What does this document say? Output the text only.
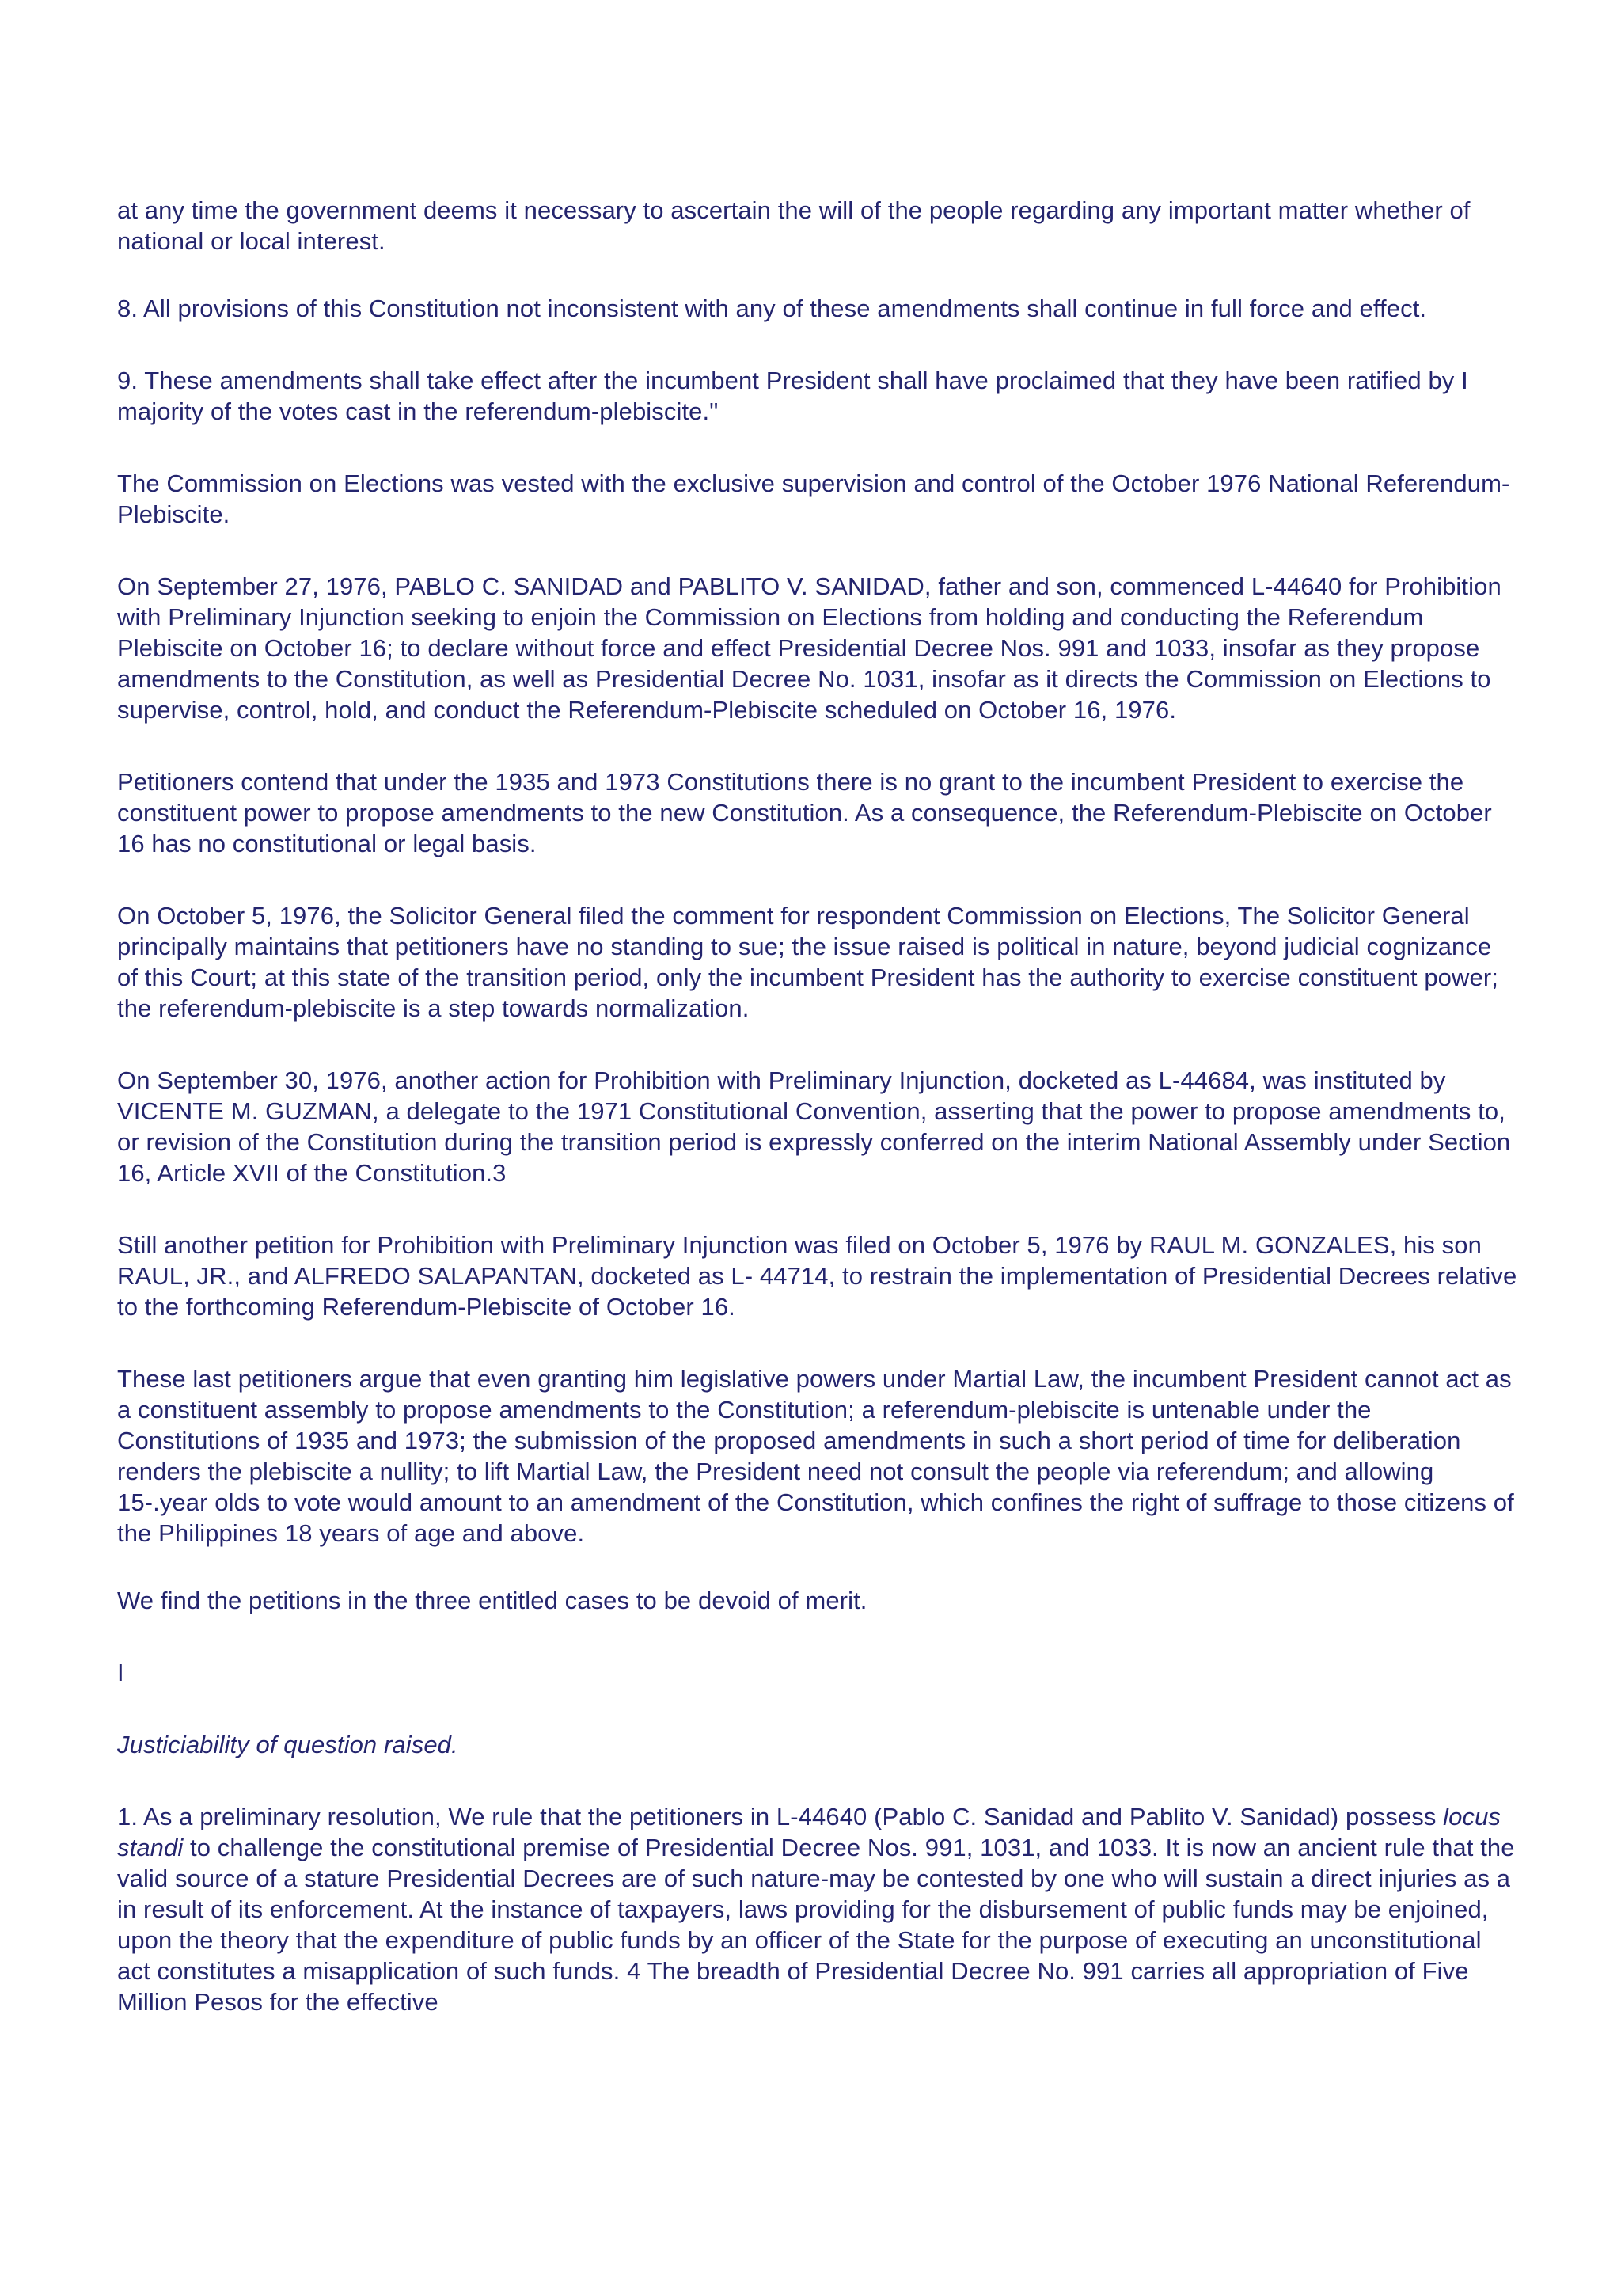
at any time the government deems it necessary to ascertain the will of the people regarding any important matter whether of national or local interest.

8. All provisions of this Constitution not inconsistent with any of these amendments shall continue in full force and effect.

9. These amendments shall take effect after the incumbent President shall have proclaimed that they have been ratified by I majority of the votes cast in the referendum-plebiscite."

The Commission on Elections was vested with the exclusive supervision and control of the October 1976 National Referendum-Plebiscite.

On September 27, 1976, PABLO C. SANIDAD and PABLITO V. SANIDAD, father and son, commenced L-44640 for Prohibition with Preliminary Injunction seeking to enjoin the Commission on Elections from holding and conducting the Referendum Plebiscite on October 16; to declare without force and effect Presidential Decree Nos. 991 and 1033, insofar as they propose amendments to the Constitution, as well as Presidential Decree No. 1031, insofar as it directs the Commission on Elections to supervise, control, hold, and conduct the Referendum-Plebiscite scheduled on October 16, 1976.

Petitioners contend that under the 1935 and 1973 Constitutions there is no grant to the incumbent President to exercise the constituent power to propose amendments to the new Constitution. As a consequence, the Referendum-Plebiscite on October 16 has no constitutional or legal basis.

On October 5, 1976, the Solicitor General filed the comment for respondent Commission on Elections, The Solicitor General principally maintains that petitioners have no standing to sue; the issue raised is political in nature, beyond judicial cognizance of this Court; at this state of the transition period, only the incumbent President has the authority to exercise constituent power; the referendum-plebiscite is a step towards normalization.

On September 30, 1976, another action for Prohibition with Preliminary Injunction, docketed as L-44684, was instituted by VICENTE M. GUZMAN, a delegate to the 1971 Constitutional Convention, asserting that the power to propose amendments to, or revision of the Constitution during the transition period is expressly conferred on the interim National Assembly under Section 16, Article XVII of the Constitution.3

Still another petition for Prohibition with Preliminary Injunction was filed on October 5, 1976 by RAUL M. GONZALES, his son RAUL, JR., and ALFREDO SALAPANTAN, docketed as L- 44714, to restrain the implementation of Presidential Decrees relative to the forthcoming Referendum-Plebiscite of October 16.

These last petitioners argue that even granting him legislative powers under Martial Law, the incumbent President cannot act as a constituent assembly to propose amendments to the Constitution; a referendum-plebiscite is untenable under the Constitutions of 1935 and 1973; the submission of the proposed amendments in such a short period of time for deliberation renders the plebiscite a nullity; to lift Martial Law, the President need not consult the people via referendum; and allowing 15-.year olds to vote would amount to an amendment of the Constitution, which confines the right of suffrage to those citizens of the Philippines 18 years of age and above.

We find the petitions in the three entitled cases to be devoid of merit.

I

Justiciability of question raised.

1. As a preliminary resolution, We rule that the petitioners in L-44640 (Pablo C. Sanidad and Pablito V. Sanidad) possess locus standi to challenge the constitutional premise of Presidential Decree Nos. 991, 1031, and 1033. It is now an ancient rule that the valid source of a stature Presidential Decrees are of such nature-may be contested by one who will sustain a direct injuries as a in result of its enforcement. At the instance of taxpayers, laws providing for the disbursement of public funds may be enjoined, upon the theory that the expenditure of public funds by an officer of the State for the purpose of executing an unconstitutional act constitutes a misapplication of such funds. 4 The breadth of Presidential Decree No. 991 carries all appropriation of Five Million Pesos for the effective
